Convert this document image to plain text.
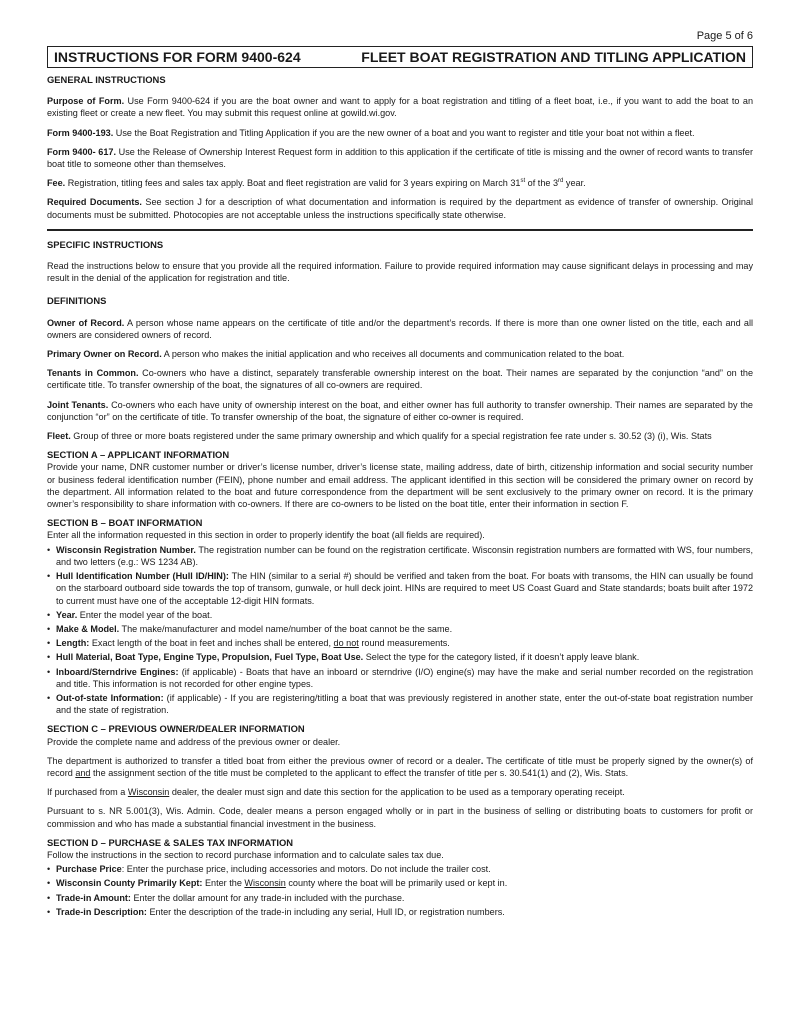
Page 5 of 6
INSTRUCTIONS FOR FORM 9400-624	FLEET BOAT REGISTRATION AND TITLING APPLICATION
GENERAL INSTRUCTIONS
Purpose of Form. Use Form 9400-624 if you are the boat owner and want to apply for a boat registration and titling of a fleet boat, i.e., if you want to add the boat to an existing fleet or create a new fleet. You may submit this request online at gowild.wi.gov.
Form 9400-193. Use the Boat Registration and Titling Application if you are the new owner of a boat and you want to register and title your boat not within a fleet.
Form 9400- 617. Use the Release of Ownership Interest Request form in addition to this application if the certificate of title is missing and the owner of record wants to transfer boat title to someone other than themselves.
Fee. Registration, titling fees and sales tax apply. Boat and fleet registration are valid for 3 years expiring on March 31st of the 3rd year.
Required Documents. See section J for a description of what documentation and information is required by the department as evidence of transfer of ownership. Original documents must be submitted. Photocopies are not acceptable unless the instructions specifically state otherwise.
SPECIFIC INSTRUCTIONS
Read the instructions below to ensure that you provide all the required information. Failure to provide required information may cause significant delays in processing and may result in the denial of the application for registration and title.
DEFINITIONS
Owner of Record. A person whose name appears on the certificate of title and/or the department’s records. If there is more than one owner listed on the title, each and all owners are considered owners of record.
Primary Owner on Record. A person who makes the initial application and who receives all documents and communication related to the boat.
Tenants in Common. Co-owners who have a distinct, separately transferable ownership interest on the boat. Their names are separated by the conjunction “and” on the certificate title. To transfer ownership of the boat, the signatures of all co-owners are required.
Joint Tenants. Co-owners who each have unity of ownership interest on the boat, and either owner has full authority to transfer ownership. Their names are separated by the conjunction “or” on the certificate of title. To transfer ownership of the boat, the signature of either co-owner is required.
Fleet. Group of three or more boats registered under the same primary ownership and which qualify for a special registration fee rate under s. 30.52 (3) (i), Wis. Stats
SECTION A – APPLICANT INFORMATION
Provide your name, DNR customer number or driver’s license number, driver’s license state, mailing address, date of birth, citizenship information and social security number or business federal identification number (FEIN), phone number and email address. The applicant identified in this section will be considered the primary owner on record by the department. All information related to the boat and future correspondence from the department will be sent exclusively to the primary owner on record. It is the primary owner’s responsibility to share information with co-owners. If there are co-owners to be listed on the boat title, enter their information in section F.
SECTION B – BOAT INFORMATION
Enter all the information requested in this section in order to properly identify the boat (all fields are required).
• Wisconsin Registration Number. The registration number can be found on the registration certificate. Wisconsin registration numbers are formatted with WS, four numbers, and two letters (e.g.: WS 1234 AB).
• Hull Identification Number (Hull ID/HIN): The HIN (similar to a serial #) should be verified and taken from the boat. For boats with transoms, the HIN can usually be found on the starboard outboard side towards the top of transom, gunwale, or hull deck joint. HINs are required to meet US Coast Guard and State standards; boats built after 1972 to current must have one of the acceptable 12-digit HIN formats.
• Year. Enter the model year of the boat.
• Make & Model. The make/manufacturer and model name/number of the boat cannot be the same.
• Length: Exact length of the boat in feet and inches shall be entered, do not round measurements.
• Hull Material, Boat Type, Engine Type, Propulsion, Fuel Type, Boat Use. Select the type for the category listed, if it doesn’t apply leave blank.
• Inboard/Sterndrive Engines: (if applicable) - Boats that have an inboard or sterndrive (I/O) engine(s) may have the make and serial number recorded on the registration and title. This information is not recorded for other engine types.
• Out-of-state Information: (if applicable) - If you are registering/titling a boat that was previously registered in another state, enter the out-of-state boat registration number and the state of registration.
SECTION C – PREVIOUS OWNER/DEALER INFORMATION
Provide the complete name and address of the previous owner or dealer.
The department is authorized to transfer a titled boat from either the previous owner of record or a dealer. The certificate of title must be properly signed by the owner(s) of record and the assignment section of the title must be completed to the applicant to effect the transfer of title per s. 30.541(1) and (2), Wis. Stats.
If purchased from a Wisconsin dealer, the dealer must sign and date this section for the application to be used as a temporary operating receipt.
Pursuant to s. NR 5.001(3), Wis. Admin. Code, dealer means a person engaged wholly or in part in the business of selling or distributing boats to customers for profit or commission and who has made a substantial financial investment in the business.
SECTION D – PURCHASE & SALES TAX INFORMATION
Follow the instructions in the section to record purchase information and to calculate sales tax due.
• Purchase Price: Enter the purchase price, including accessories and motors. Do not include the trailer cost.
• Wisconsin County Primarily Kept: Enter the Wisconsin county where the boat will be primarily used or kept in.
• Trade-in Amount: Enter the dollar amount for any trade-in included with the purchase.
• Trade-in Description: Enter the description of the trade-in including any serial, Hull ID, or registration numbers.
